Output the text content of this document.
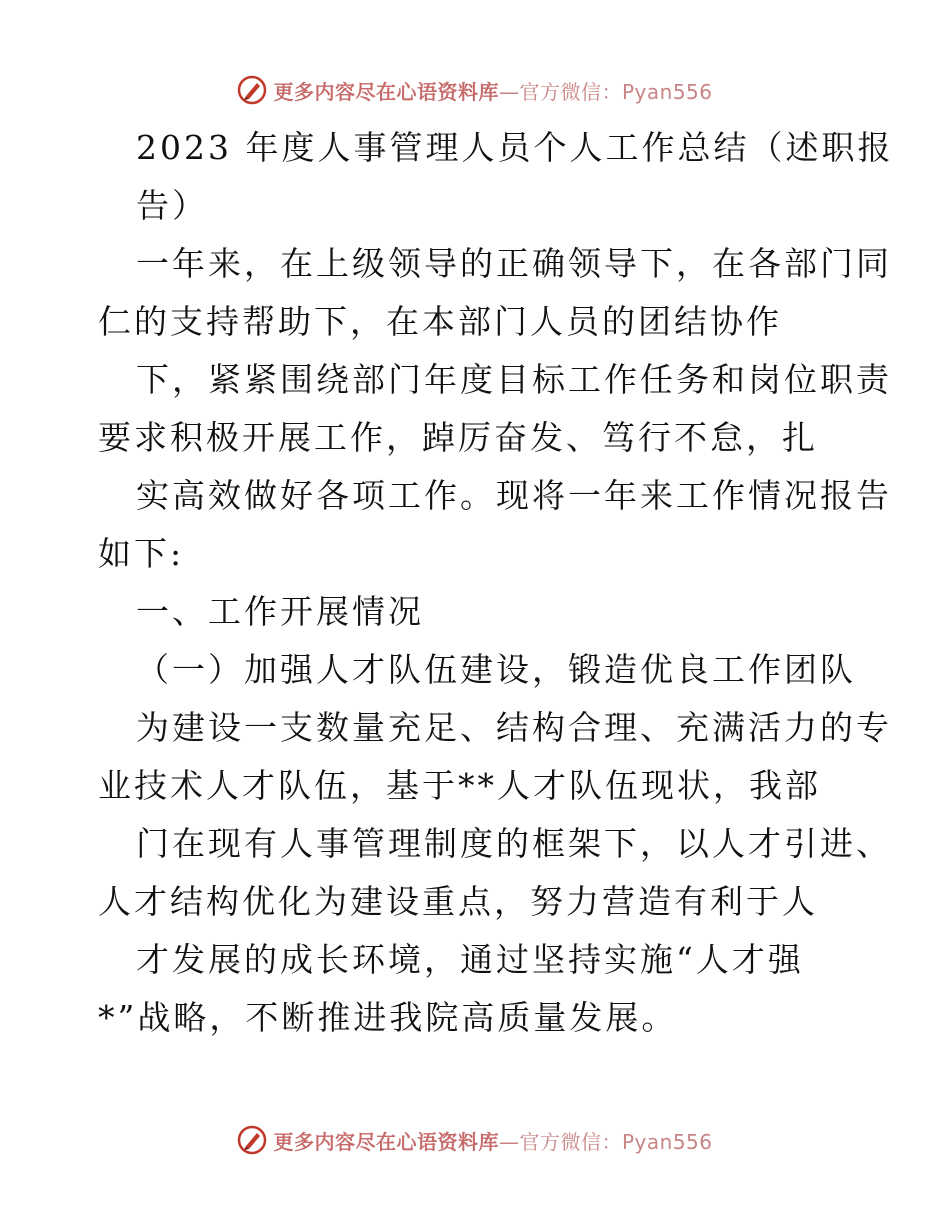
更多内容尽在心语资料库—官方微信：Pyan556
2023 年度人事管理人员个人工作总结（述职报
告）
一年来，在上级领导的正确领导下，在各部门同
仁的支持帮助下，在本部门人员的团结协作
下，紧紧围绕部门年度目标工作任务和岗位职责
要求积极开展工作，踔厉奋发、笃行不怠，扎
实高效做好各项工作。现将一年来工作情况报告
如下:
一、工作开展情况
（一）加强人才队伍建设，锻造优良工作团队
为建设一支数量充足、结构合理、充满活力的专
业技术人才队伍，基于**人才队伍现状，我部
门在现有人事管理制度的框架下，以人才引进、
人才结构优化为建设重点，努力营造有利于人
才发展的成长环境，通过坚持实施“人才强
*”战略，不断推进我院高质量发展。
更多内容尽在心语资料库—官方微信：Pyan556
